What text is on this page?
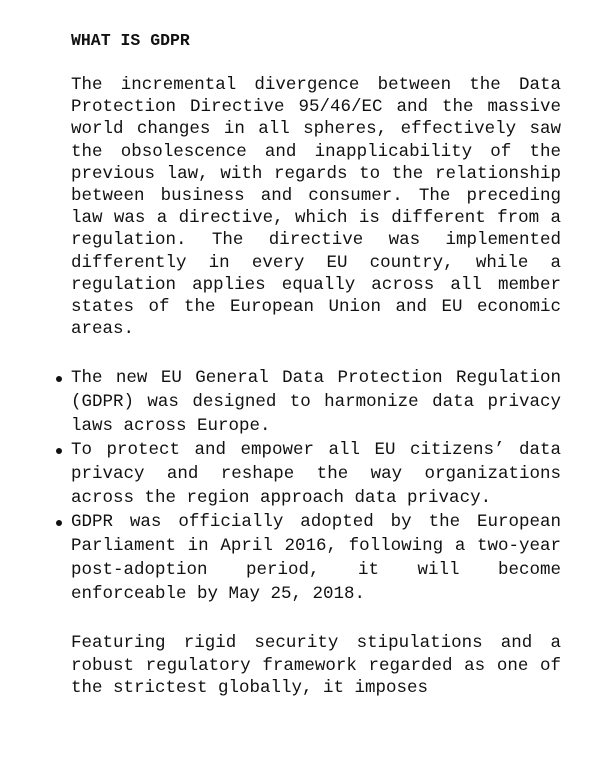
WHAT IS GDPR

The incremental divergence between the Data Protection Directive 95/46/EC and the massive world changes in all spheres, effectively saw the obsolescence and inapplicability of the previous law, with regards to the relationship between business and consumer. The preceding law was a directive, which is different from a regulation. The directive was implemented differently in every EU country, while a regulation applies equally across all member states of the European Union and EU economic areas.

The new EU General Data Protection Regulation (GDPR) was designed to harmonize data privacy laws across Europe.
To protect and empower all EU citizens’ data privacy and reshape the way organizations across the region approach data privacy.
GDPR was officially adopted by the European Parliament in April 2016, following a two-year post-adoption period, it will become enforceable by May 25, 2018.

Featuring rigid security stipulations and a robust regulatory framework regarded as one of the strictest globally, it imposes
